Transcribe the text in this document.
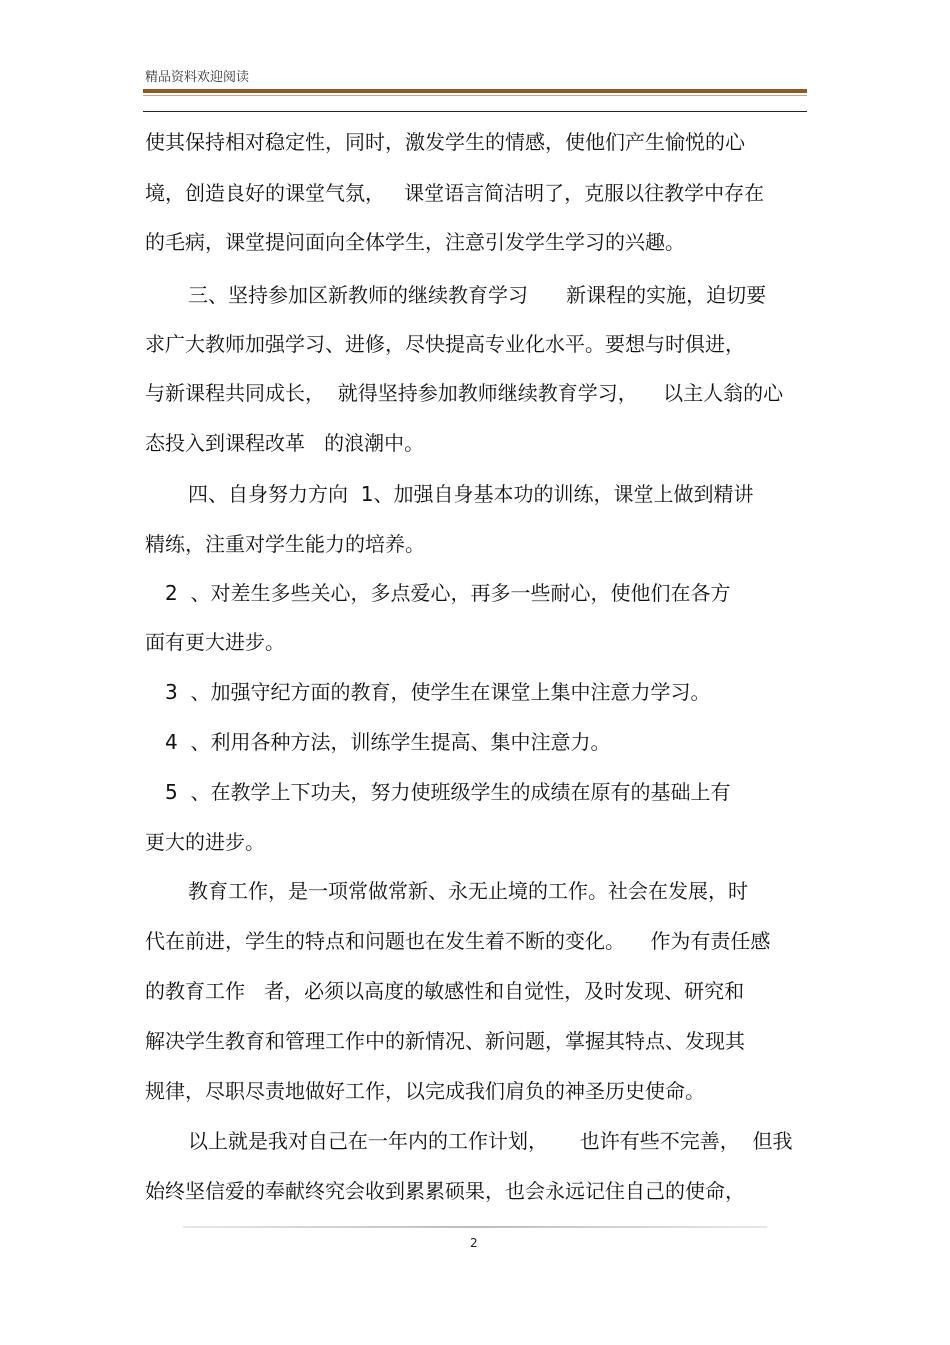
精品资料欢迎阅读
使其保持相对稳定性，同时，激发学生的情感，使他们产生愉悦的心
境，创造良好的课堂气氛，   课堂语言简洁明了，克服以往教学中存在
的毛病，课堂提问面向全体学生，注意引发学生学习的兴趣。
三、坚持参加区新教师的继续教育学习      新课程的实施，迫切要
求广大教师加强学习、进修，尽快提高专业化水平。要想与时俱进，
与新课程共同成长，  就得坚持参加教师继续教育学习，    以主人翁的心
态投入到课程改革   的浪潮中。
四、自身努力方向  1、加强自身基本功的训练，课堂上做到精讲
精练，注重对学生能力的培养。
2  、对差生多些关心，多点爱心，再多一些耐心，使他们在各方
面有更大进步。
3  、加强守纪方面的教育，使学生在课堂上集中注意力学习。
4  、利用各种方法，训练学生提高、集中注意力。
5  、在教学上下功夫，努力使班级学生的成绩在原有的基础上有
更大的进步。
教育工作，是一项常做常新、永无止境的工作。社会在发展，时
代在前进，学生的特点和问题也在发生着不断的变化。    作为有责任感
的教育工作   者，必须以高度的敏感性和自觉性，及时发现、研究和
解决学生教育和管理工作中的新情况、新问题，掌握其特点、发现其
规律，尽职尽责地做好工作，以完成我们肩负的神圣历史使命。
以上就是我对自己在一年内的工作计划，     也许有些不完善，  但我
始终坚信爱的奉献终究会收到累累硕果，也会永远记住自己的使命，
2
